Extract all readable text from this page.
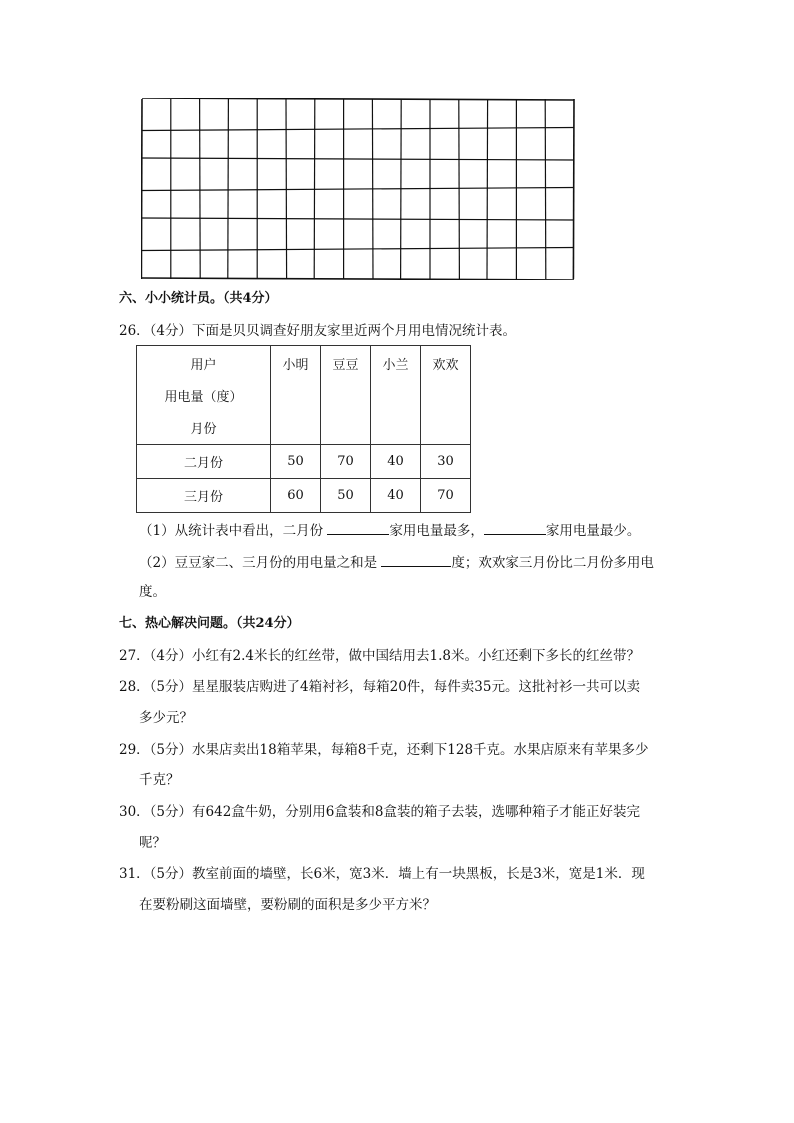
六、小小统计员。（共4分）
26．（4分）下面是贝贝调查好朋友家里近两个月用电情况统计表。
用户
用电量（度）
月份	小明	豆豆	小兰	欢欢
二月份	50	70	40	30
三月份	60	50	40	70
（1）从统计表中看出，二月份	家用电量最多，	家用电量最少。
（2）豆豆家二、三月份的用电量之和是	度；欢欢家三月份比二月份多用电
度。
七、热心解决问题。（共24分）
27．（4分）小红有2.4米长的红丝带，做中国结用去1.8米。小红还剩下多长的红丝带？
28．（5分）星星服装店购进了4箱衬衫，每箱20件，每件卖35元。这批衬衫一共可以卖
多少元？
29．（5分）水果店卖出18箱苹果，每箱8千克，还剩下128千克。水果店原来有苹果多少
千克？
30．（5分）有642盒牛奶，分别用6盒装和8盒装的箱子去装，选哪种箱子才能正好装完
呢？
31．（5分）教室前面的墙壁，长6米，宽3米．墙上有一块黑板，长是3米，宽是1米．现
在要粉刷这面墙壁，要粉刷的面积是多少平方米？
